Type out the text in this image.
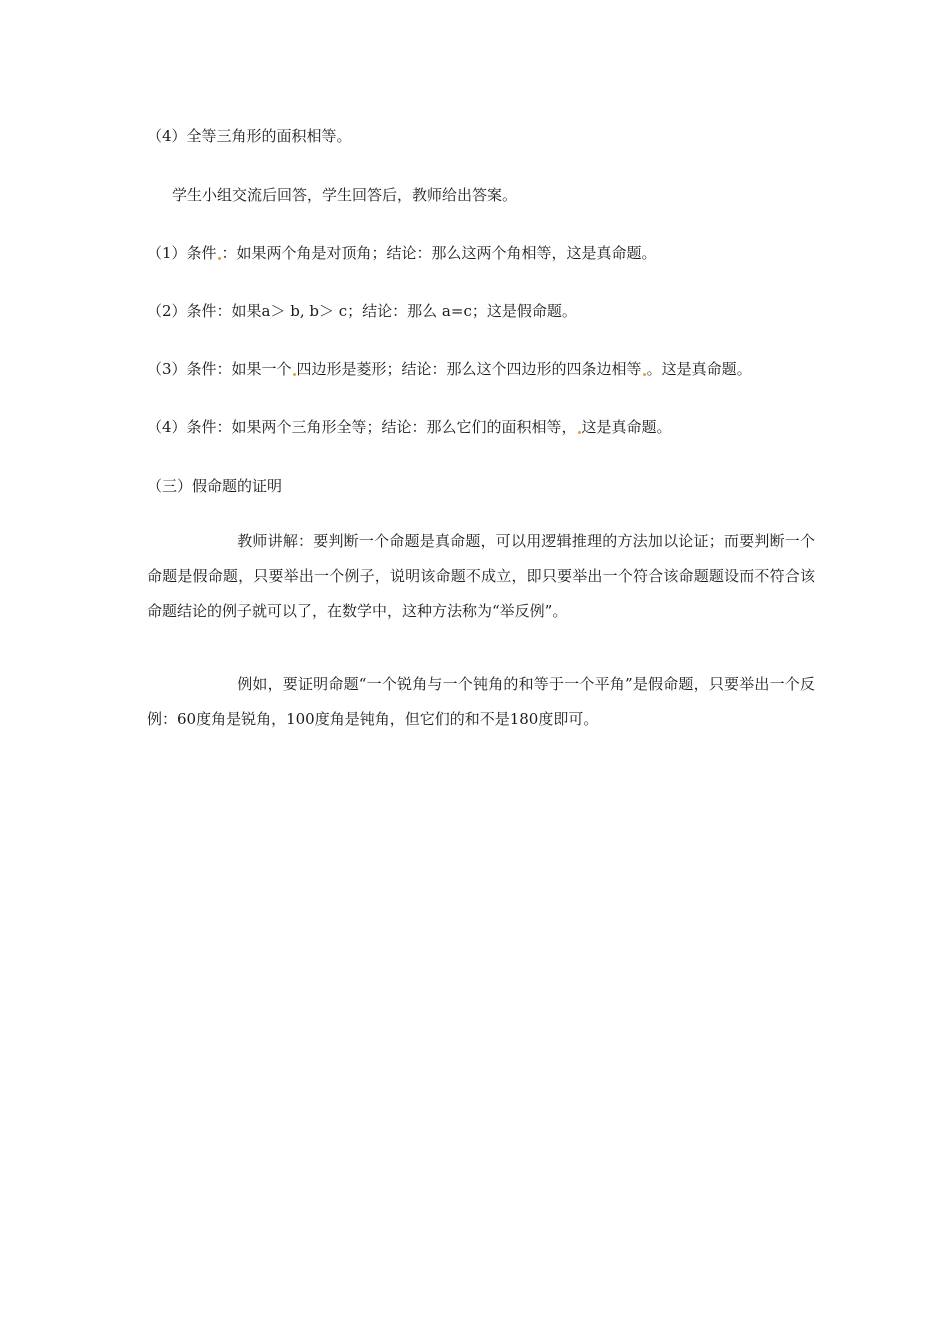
（4）全等三角形的面积相等。
学生小组交流后回答，学生回答后，教师给出答案。
（1）条件 ：如果两个角是对顶角；结论：那么这两个角相等，这是真命题。
（2）条件：如果a＞ b, b＞ c；结论：那么 a=c；这是假命题。
（3）条件：如果一个 四边形是菱形；结论：那么这个四边形的四条边相等 。这是真命题。
（4）条件：如果两个三角形全等；结论：那么它们的面积相等， 这是真命题。
（三）假命题的证明
教师讲解：要判断一个命题是真命题，可以用逻辑推理的方法加以论证；而要判断一个命题是假命题，只要举出一个例子，说明该命题不成立，即只要举出一个符合该命题题设而不符合该命题结论的例子就可以了，在数学中，这种方法称为“举反例”。
例如，要证明命题“一个锐角与一个钝角的和等于一个平角”是假命题，只要举出一个反例：60度角是锐角，100度角是钝角，但它们的和不是180度即可。
